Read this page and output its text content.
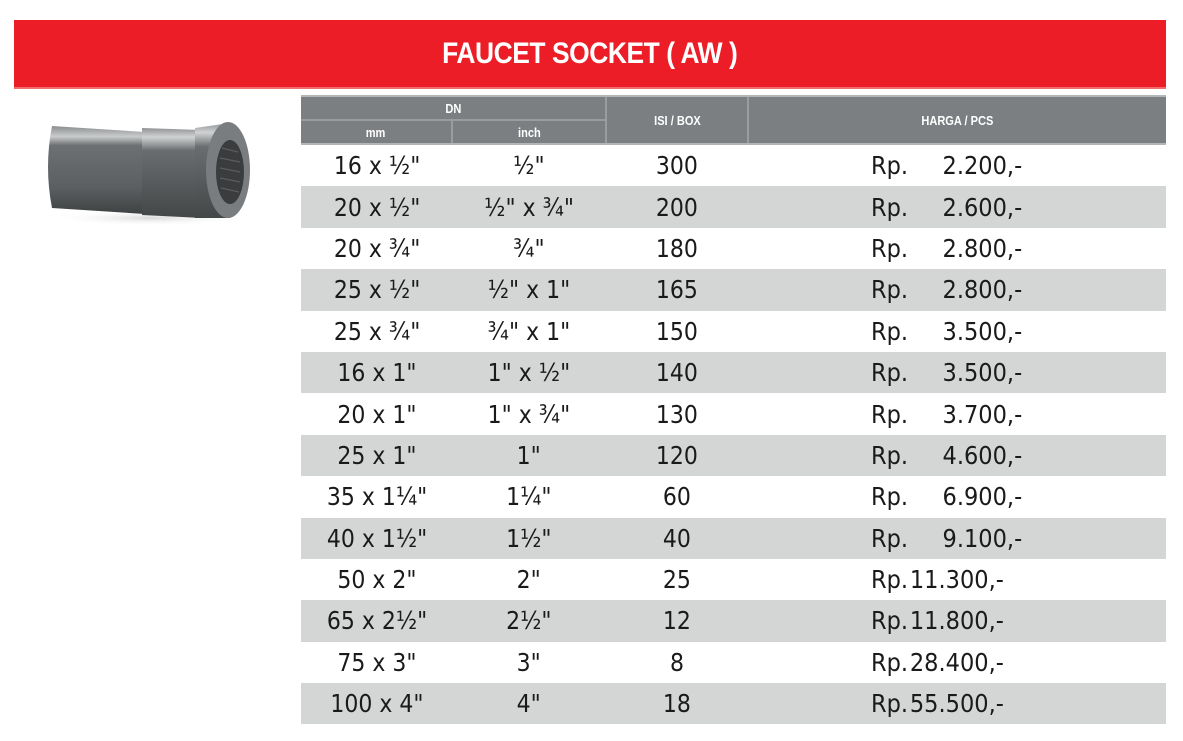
FAUCET SOCKET ( AW )
DN
mm	inch
ISI / BOX	HARGA / PCS
16 x ½"	½"	300	Rp.	2.200,-
20 x ½"	½" x ¾"	200	Rp.	2.600,-
20 x ¾"	¾"	180	Rp.	2.800,-
25 x ½"	½" x 1"	165	Rp.	2.800,-
25 x ¾"	¾" x 1"	150	Rp.	3.500,-
16 x 1"	1" x ½"	140	Rp.	3.500,-
20 x 1"	1" x ¾"	130	Rp.	3.700,-
25 x 1"	1"	120	Rp.	4.600,-
35 x 1¼"	1¼"	60	Rp.	6.900,-
40 x 1½"	1½"	40	Rp.	9.100,-
50 x 2"	2"	25	Rp. 11.300,-
65 x 2½"	2½"	12	Rp. 11.800,-
75 x 3"	3"	8	Rp. 28.400,-
100 x 4"	4"	18	Rp. 55.500,-
